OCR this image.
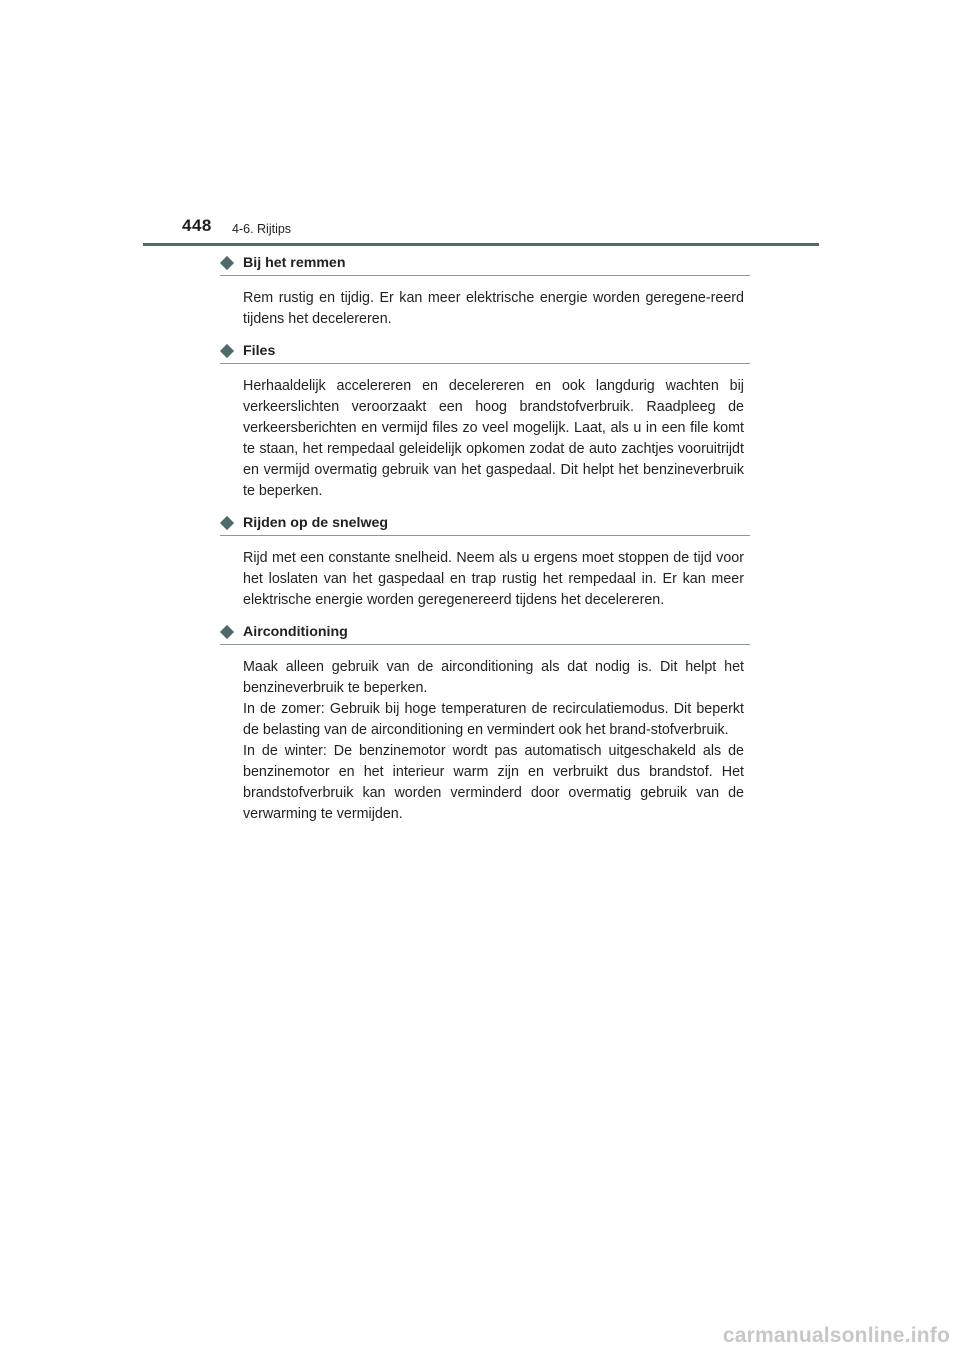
448 4-6. Rijtips
Bij het remmen

Rem rustig en tijdig. Er kan meer elektrische energie worden geregene-reerd tijdens het decelereren.

Files

Herhaaldelijk accelereren en decelereren en ook langdurig wachten bij verkeerslichten veroorzaakt een hoog brandstofverbruik. Raadpleeg de verkeersberichten en vermijd files zo veel mogelijk. Laat, als u in een file komt te staan, het rempedaal geleidelijk opkomen zodat de auto zachtjes vooruitrijdt en vermijd overmatig gebruik van het gaspedaal. Dit helpt het benzineverbruik te beperken.

Rijden op de snelweg

Rijd met een constante snelheid. Neem als u ergens moet stoppen de tijd voor het loslaten van het gaspedaal en trap rustig het rempedaal in. Er kan meer elektrische energie worden geregenereerd tijdens het decelereren.

Airconditioning

Maak alleen gebruik van de airconditioning als dat nodig is. Dit helpt het benzineverbruik te beperken.

In de zomer: Gebruik bij hoge temperaturen de recirculatiemodus. Dit beperkt de belasting van de airconditioning en vermindert ook het brand-stofverbruik.

In de winter: De benzinemotor wordt pas automatisch uitgeschakeld als de benzinemotor en het interieur warm zijn en verbruikt dus brandstof. Het brandstofverbruik kan worden verminderd door overmatig gebruik van de verwarming te vermijden.

carmanualsonline.info
